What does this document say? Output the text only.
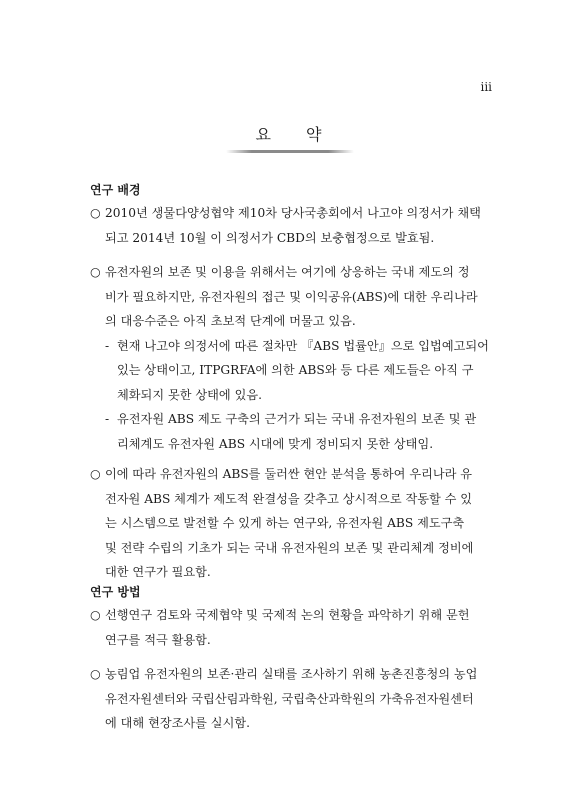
iii
요 약
연구 배경
○ 2010년 생물다양성협약 제10차 당사국총회에서 나고야 의정서가 채택
되고 2014년 10월 이 의정서가 CBD의 보충협정으로 발효됨.
○ 유전자원의 보존 및 이용을 위해서는 여기에 상응하는 국내 제도의 정
비가 필요하지만, 유전자원의 접근 및 이익공유(ABS)에 대한 우리나라
의 대응수준은 아직 초보적 단계에 머물고 있음.
- 현재 나고야 의정서에 따른 절차만 『ABS 법률안』으로 입법예고되어
있는 상태이고, ITPGRFA에 의한 ABS와 등 다른 제도들은 아직 구
체화되지 못한 상태에 있음.
- 유전자원 ABS 제도 구축의 근거가 되는 국내 유전자원의 보존 및 관
리체계도 유전자원 ABS 시대에 맞게 정비되지 못한 상태임.
○ 이에 따라 유전자원의 ABS를 둘러싼 현안 분석을 통하여 우리나라 유
전자원 ABS 체계가 제도적 완결성을 갖추고 상시적으로 작동할 수 있
는 시스템으로 발전할 수 있게 하는 연구와, 유전자원 ABS 제도구축
및 전략 수립의 기초가 되는 국내 유전자원의 보존 및 관리체계 정비에
대한 연구가 필요함.
연구 방법
○ 선행연구 검토와 국제협약 및 국제적 논의 현황을 파악하기 위해 문헌
연구를 적극 활용함.
○ 농림업 유전자원의 보존·관리 실태를 조사하기 위해 농촌진흥청의 농업
유전자원센터와 국립산림과학원, 국립축산과학원의 가축유전자원센터
에 대해 현장조사를 실시함.
